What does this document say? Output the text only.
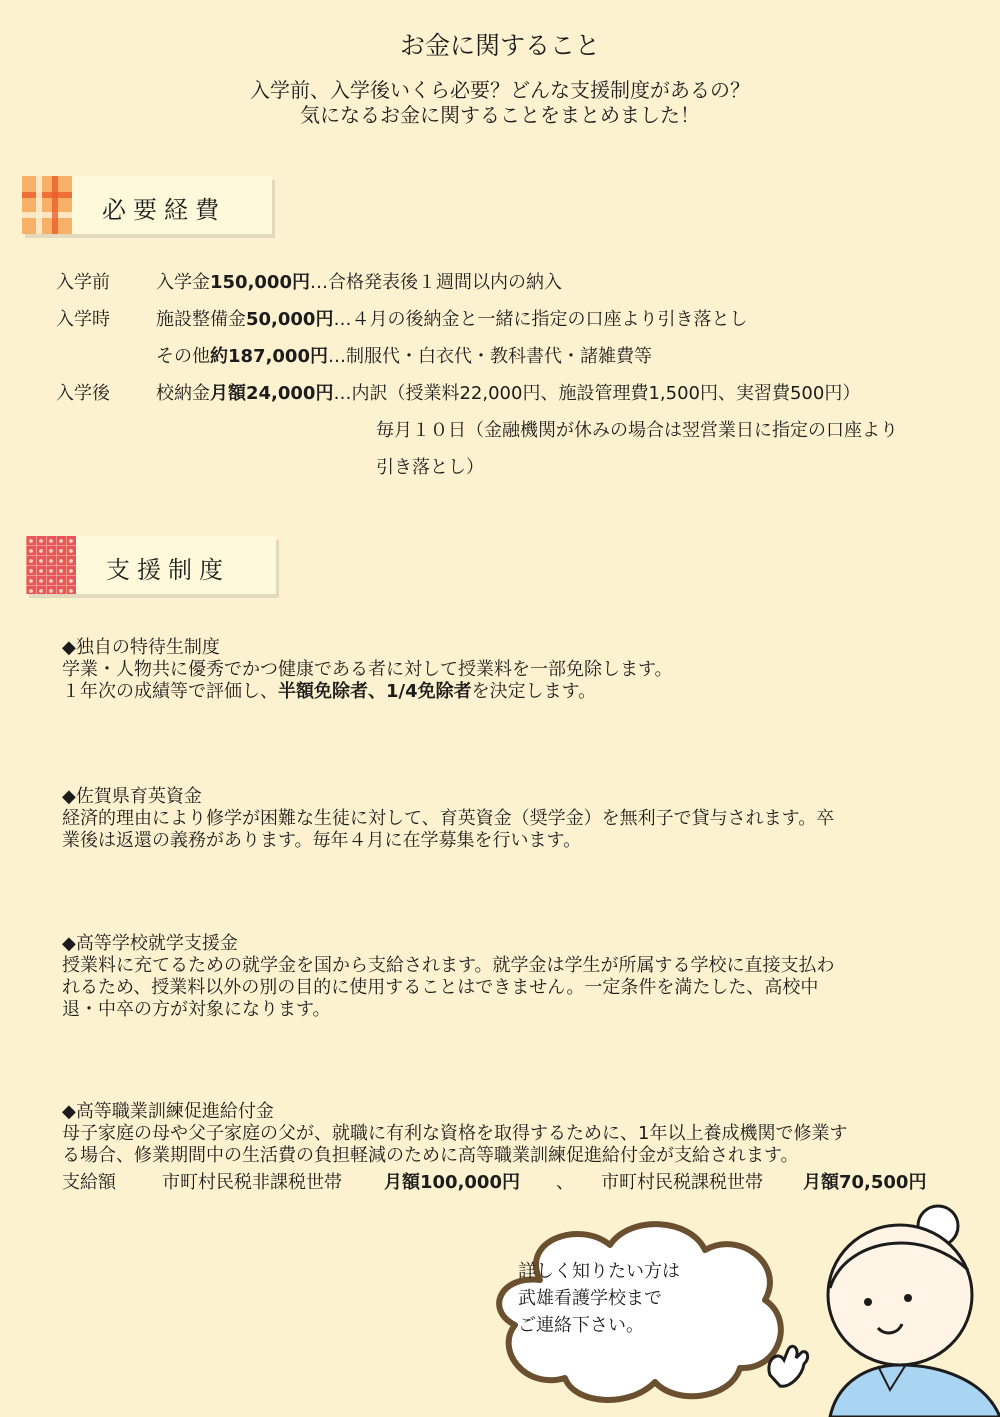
お金に関すること
入学前、入学後いくら必要？どんな支援制度があるの？
気になるお金に関することをまとめました！
必要経費
入学前	入学金150,000円…合格発表後１週間以内の納入
入学時	施設整備金50,000円…４月の後納金と一緒に指定の口座より引き落とし
その他約187,000円…制服代・白衣代・教科書代・諸雑費等
入学後	校納金月額24,000円…内訳（授業料22,000円、施設管理費1,500円、実習費500円）
毎月１０日（金融機関が休みの場合は翌営業日に指定の口座より
引き落とし）
支援制度
◆独自の特待生制度
学業・人物共に優秀でかつ健康である者に対して授業料を一部免除します。
１年次の成績等で評価し、半額免除者、1/4免除者を決定します。
◆佐賀県育英資金
経済的理由により修学が困難な生徒に対して、育英資金（奨学金）を無利子で貸与されます。卒
業後は返還の義務があります。毎年４月に在学募集を行います。
◆高等学校就学支援金
授業料に充てるための就学金を国から支給されます。就学金は学生が所属する学校に直接支払わ
れるため、授業料以外の別の目的に使用することはできません。一定条件を満たした、高校中
退・中卒の方が対象になります。
◆高等職業訓練促進給付金
母子家庭の母や父子家庭の父が、就職に有利な資格を取得するために、1年以上養成機関で修業す
る場合、修業期間中の生活費の負担軽減のために高等職業訓練促進給付金が支給されます。
支給額	市町村民税非課税世帯 月額100,000円 、 市町村民税課税世帯 月額70,500円
詳しく知りたい方は
武雄看護学校まで
ご連絡下さい。
